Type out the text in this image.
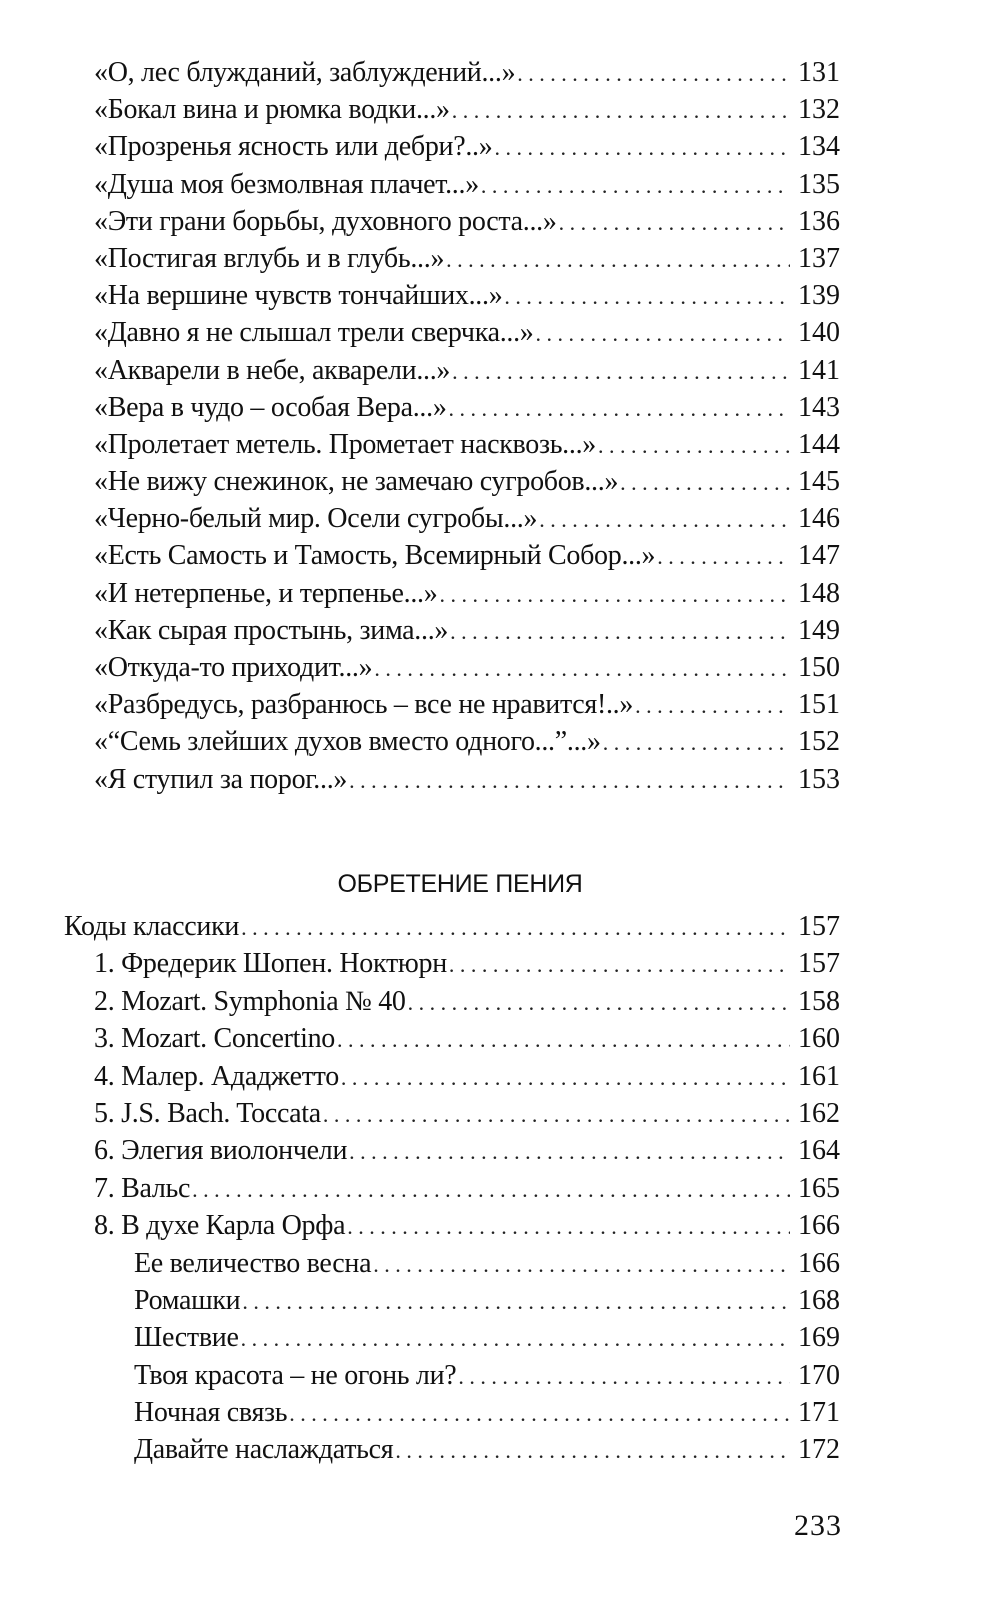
«О, лес блужданий, заблуждений...» . . .	131
«Бокал вина и рюмка водки...» . . .	132
«Прозренья ясность или дебри?..» . . .	134
«Душа моя безмолвная плачет...» . . .	135
«Эти грани борьбы, духовного роста...» . . .	136
«Постигая вглубь и в глубь...» . . .	137
«На вершине чувств тончайших...» . . .	139
«Давно я не слышал трели сверчка...» . . .	140
«Акварели в небе, акварели...» . . .	141
«Вера в чудо – особая Вера...» . . .	143
«Пролетает метель. Прометает насквозь...» . . .	144
«Не вижу снежинок, не замечаю сугробов...» . . .	145
«Черно-белый мир. Осели сугробы...» . . .	146
«Есть Самость и Тамость, Всемирный Собор...» . . .	147
«И нетерпенье, и терпенье...» . . .	148
«Как сырая простынь, зима...» . . .	149
«Откуда-то приходит...» . . .	150
«Разбредусь, разбранюсь – все не нравится!..» . . .	151
«“Семь злейших духов вместо одного...”...» . . .	152
«Я ступил за порог...» . . .	153
ОБРЕТЕНИЕ ПЕНИЯ
Коды классики . . .	157
1. Фредерик Шопен. Ноктюрн . . .	157
2. Mozart. Symphonia № 40 . . .	158
3. Mozart. Concertino . . .	160
4. Малер. Ададжетто . . .	161
5. J.S. Bach. Toccata . . .	162
6. Элегия виолончели . . .	164
7. Вальс . . .	165
8. В духе Карла Орфа . . .	166
Ее величество весна . . .	166
Ромашки . . .	168
Шествие . . .	169
Твоя красота – не огонь ли? . . .	170
Ночная связь . . .	171
Давайте наслаждаться . . .	172
233
